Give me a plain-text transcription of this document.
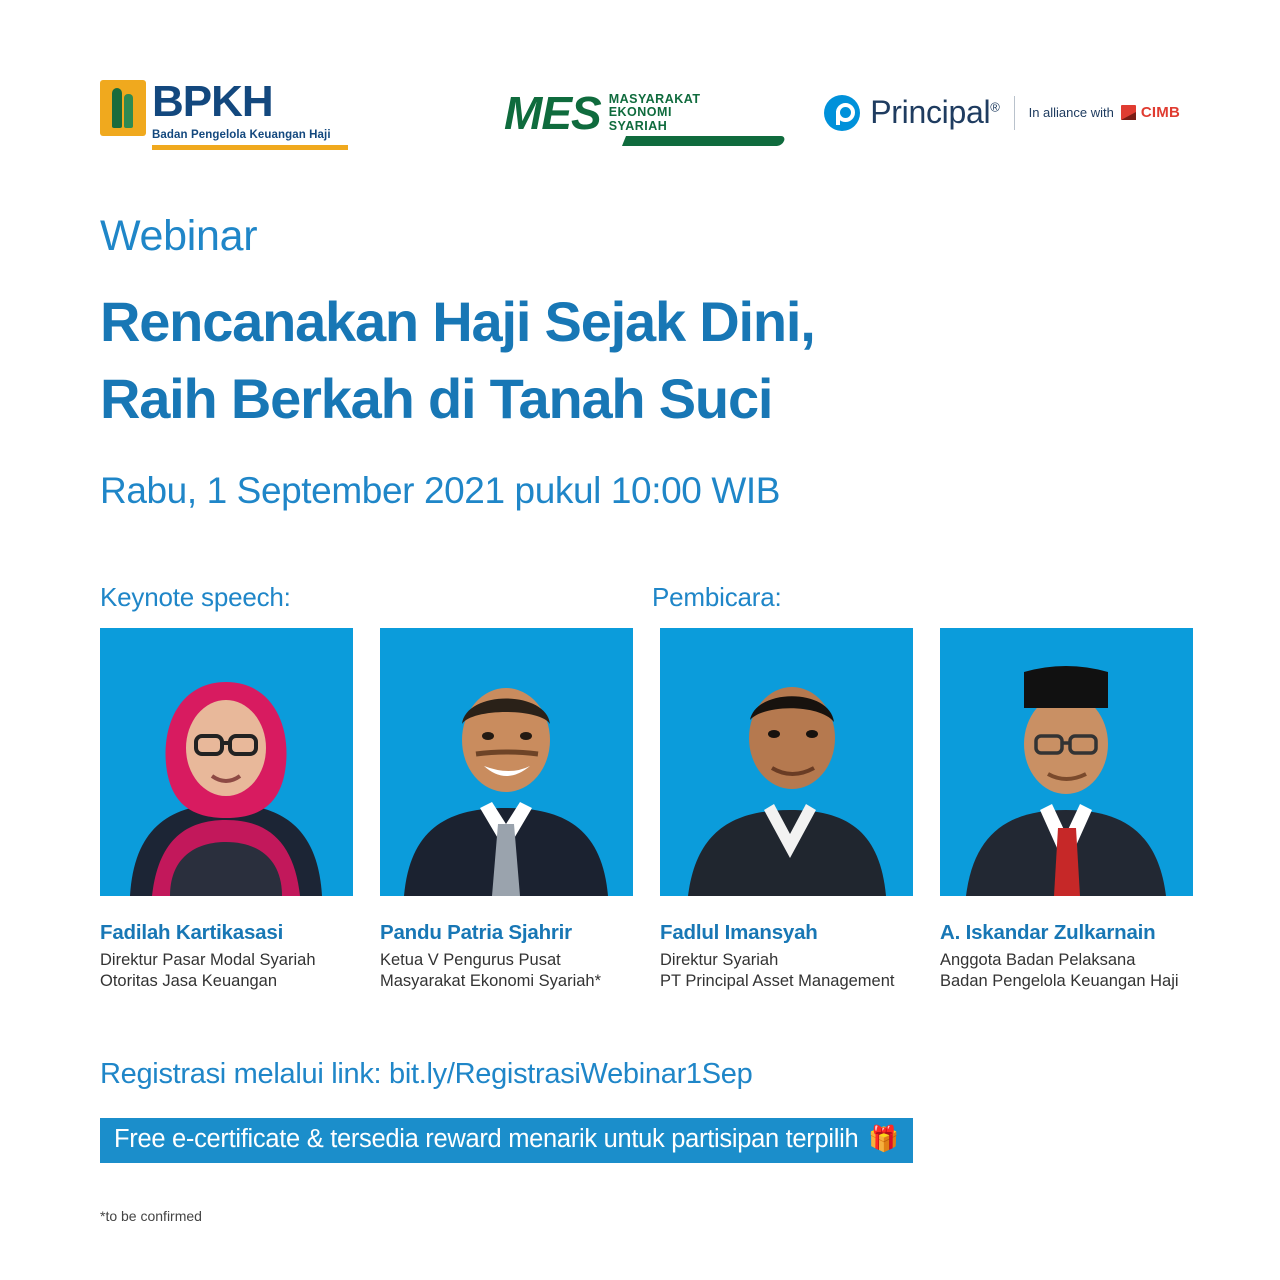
BPKH
Badan Pengelola Keuangan Haji	MES MASYARAKAT
EKONOMI
SYARIAH	Principal® In alliance with CIMB
Webinar
Rencanakan Haji Sejak Dini,
Raih Berkah di Tanah Suci
Rabu, 1 September 2021 pukul 10:00 WIB
Keynote speech:	Pembicara:
Fadilah Kartikasasi
Direktur Pasar Modal Syariah
Otoritas Jasa Keuangan
Pandu Patria Sjahrir
Ketua V Pengurus Pusat
Masyarakat Ekonomi Syariah*
Fadlul Imansyah
Direktur Syariah
PT Principal Asset Management
A. Iskandar Zulkarnain
Anggota Badan Pelaksana
Badan Pengelola Keuangan Haji
Registrasi melalui link: bit.ly/RegistrasiWebinar1Sep
Free e-certificate & tersedia reward menarik untuk partisipan terpilih 🎁
*to be confirmed
